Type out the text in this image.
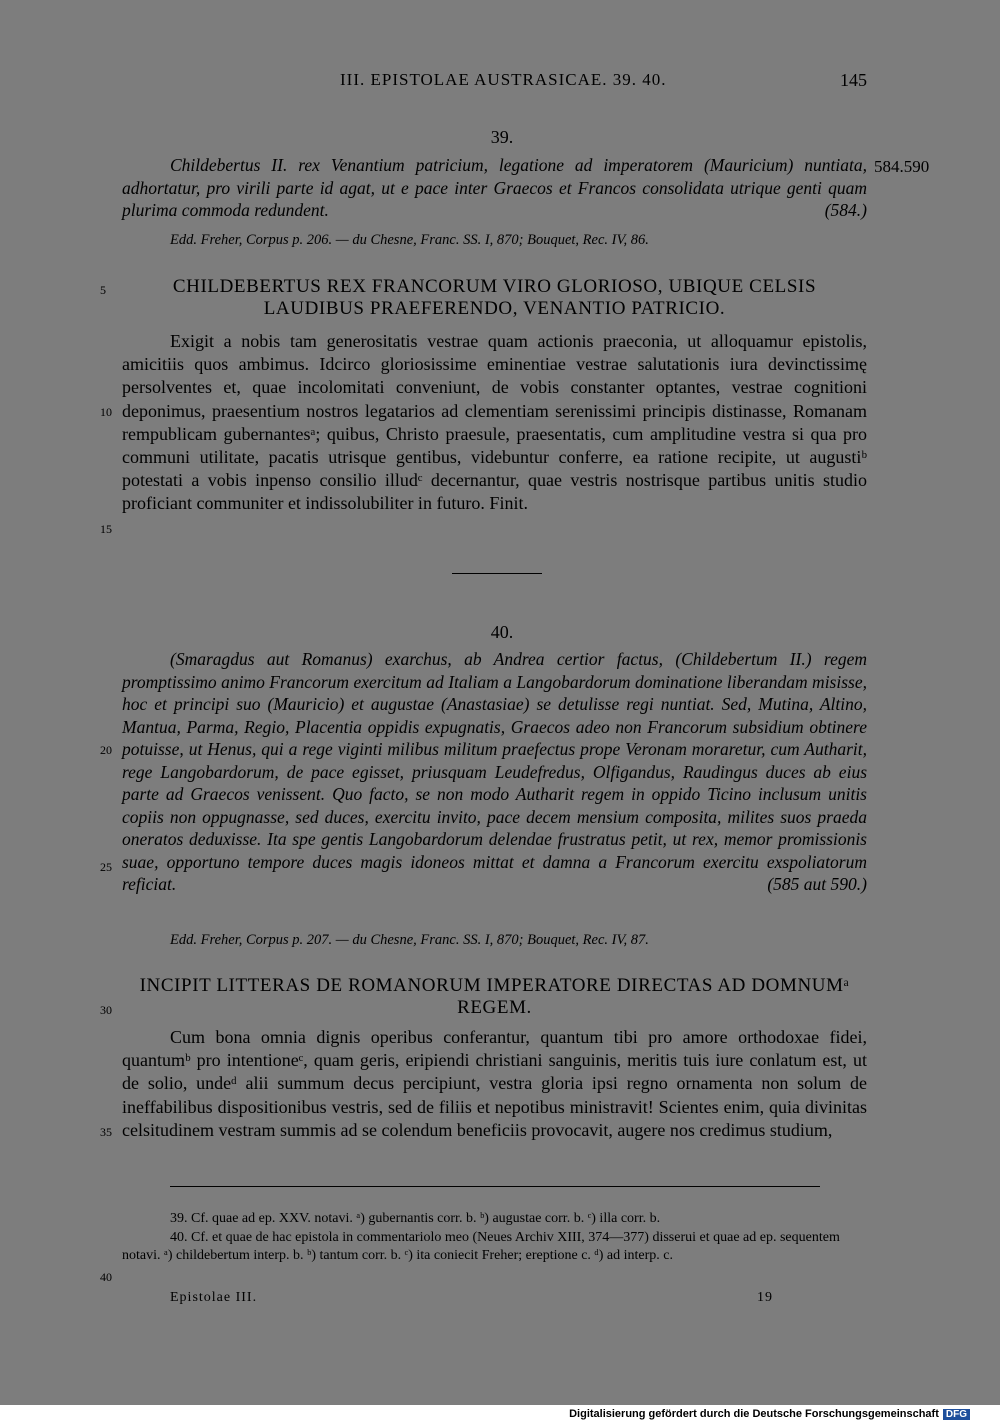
III. EPISTOLAE AUSTRASICAE. 39. 40.	145
39.
584.590
Childebertus II. rex Venantium patricium, legatione ad imperatorem (Mauricium) nuntiata, adhortatur, pro virili parte id agat, ut e pace inter Graecos et Francos consolidata utrique genti quam plurima commoda redundent.	(584.)
Edd. Freher, Corpus p. 206. — du Chesne, Franc. SS. I, 870; Bouquet, Rec. IV, 86.
CHILDEBERTUS REX FRANCORUM VIRO GLORIOSO, UBIQUE CELSIS LAUDIBUS PRAEFERENDO, VENANTIO PATRICIO.
Exigit a nobis tam generositatis vestrae quam actionis praeconia, ut alloquamur epistolis, amicitiis quos ambimus. Idcirco gloriosissime eminentiae vestrae salutationis iura devinctissimę persolventes et, quae incolomitati conveniunt, de vobis constanter optantes, vestrae cognitioni deponimus, praesentium nostros legatarios ad clementiam serenissimi principis distinasse, Romanam rempublicam gubernantesᵃ; quibus, Christo praesule, praesentatis, cum amplitudine vestra si qua pro communi utilitate, pacatis utrisque gentibus, videbuntur conferre, ea ratione recipite, ut augustiᵇ potestati a vobis inpenso consilio illudᶜ decernantur, quae vestris nostrisque partibus unitis studio proficiant communiter et indissolubiliter in futuro. Finit.
40.
(Smaragdus aut Romanus) exarchus, ab Andrea certior factus, (Childebertum II.) regem promptissimo animo Francorum exercitum ad Italiam a Langobardorum dominatione liberandam misisse, hoc et principi suo (Mauricio) et augustae (Anastasiae) se detulisse regi nuntiat. Sed, Mutina, Altino, Mantua, Parma, Regio, Placentia oppidis expugnatis, Graecos adeo non Francorum subsidium obtinere potuisse, ut Henus, qui a rege viginti milibus militum praefectus prope Veronam moraretur, cum Autharit, rege Langobardorum, de pace egisset, priusquam Leudefredus, Olfigandus, Raudingus duces ab eius parte ad Graecos venissent. Quo facto, se non modo Autharit regem in oppido Ticino inclusum unitis copiis non oppugnasse, sed duces, exercitu invito, pace decem mensium composita, milites suos praeda oneratos deduxisse. Ita spe gentis Langobardorum delendae frustratus petit, ut rex, memor promissionis suae, opportuno tempore duces magis idoneos mittat et damna a Francorum exercitu exspoliatorum reficiat.	(585 aut 590.)
Edd. Freher, Corpus p. 207. — du Chesne, Franc. SS. I, 870; Bouquet, Rec. IV, 87.
INCIPIT LITTERAS DE ROMANORUM IMPERATORE DIRECTAS AD DOMNUMᵃ REGEM.
Cum bona omnia dignis operibus conferantur, quantum tibi pro amore orthodoxae fidei, quantumᵇ pro intentioneᶜ, quam geris, eripiendi christiani sanguinis, meritis tuis iure conlatum est, ut de solio, undeᵈ alii summum decus percipiunt, vestra gloria ipsi regno ornamenta non solum de ineffabilibus dispositionibus vestris, sed de filiis et nepotibus ministravit! Scientes enim, quia divinitas celsitudinem vestram summis ad se colendum beneficiis provocavit, augere nos credimus studium,
5
10
15
20
25
30
35
40
39. Cf. quae ad ep. XXV. notavi. ᵃ) gubernantis corr. b. ᵇ) augustae corr. b. ᶜ) illa corr. b.
40. Cf. et quae de hac epistola in commentariolo meo (Neues Archiv XIII, 374—377) disserui et quae ad ep. sequentem notavi. ᵃ) childebertum interp. b. ᵇ) tantum corr. b. ᶜ) ita coniecit Freher; ereptione c. ᵈ) ad interp. c.
Epistolae III.	19
Digitalisierung gefördert durch die Deutsche Forschungsgemeinschaft DFG
